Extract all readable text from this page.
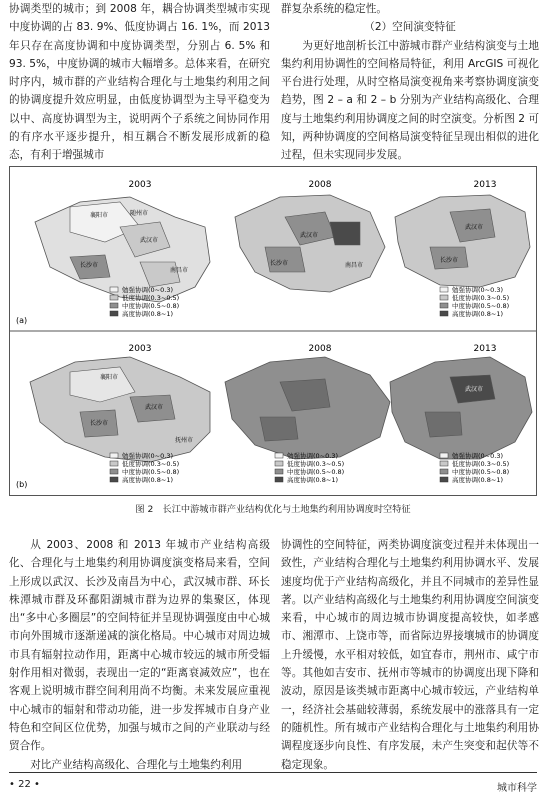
协调类型的城市；到 2008 年，耦合协调类型城市实现中度协调的占 83. 9%、低度协调占 16. 1%，而 2013 年只存在高度协调和中度协调类型，分别占 6. 5% 和 93. 5%，中度协调的城市大幅增多。总体来看，在研究时序内，城市群的产业结构合理化与土地集约利用之间的协调度提升效应明显，由低度协调型为主导平稳变为以中、高度协调型为主，说明两个子系统之间协同作用的有序水平逐步提升，相互耦合不断发展形成新的稳态，有利于增强城市

群复杂系统的稳定性。

（2）空间演变特征

为更好地剖析长江中游城市群产业结构演变与土地集约利用协调性的空间格局特征，利用 ArcGIS 可视化平台进行处理，从时空格局演变视角来考察协调度演变趋势，图 2 – a 和 2 – b 分别为产业结构高级化、合理度与土地集约利用协调度之间的时空演变。分析图 2 可知，两种协调度的空间格局演变特征呈现出相似的进化过程，但未实现同步发展。

2003	2008	2013
2003	2008	2013
(a)
(b)
襄阳市	随州市
武汉市
南昌市
长沙市
武汉市
南昌市
长沙市
武汉市
长沙市
勉强协调(0~0.3)
低度协调(0.3~0.5)
中度协调(0.5~0.8)
高度协调(0.8~1)
勉强协调(0~0.3)
低度协调(0.3~0.5)
中度协调(0.5~0.8)
高度协调(0.8~1)
襄阳市
武汉市
长沙市
抚州市
武汉市
勉强协调(0~0.3)
低度协调(0.3~0.5)
中度协调(0.5~0.8)
高度协调(0.8~1)
勉强协调(0~0.3)
低度协调(0.3~0.5)
中度协调(0.5~0.8)
高度协调(0.8~1)
勉强协调(0~0.3)
低度协调(0.3~0.5)
中度协调(0.5~0.8)
高度协调(0.8~1)
图 2　长江中游城市群产业结构优化与土地集约利用协调度时空特征

从 2003、2008 和 2013 年城市产业结构高级化、合理化与土地集约利用协调度演变格局来看，空间上形成以武汉、长沙及南昌为中心，武汉城市群、环长株潭城市群及环鄱阳湖城市群为边界的集聚区，体现出“多中心多圈层”的空间特征并呈现协调强度由中心城市向外围城市逐渐递减的演化格局。中心城市对周边城市具有辐射拉动作用，距离中心城市较远的城市所受辐射作用相对微弱，表现出一定的“距离衰减效应”，也在客观上说明城市群空间利用尚不均衡。未来发展应重视中心城市的辐射和带动功能，进一步发挥城市自身产业特色和空间区位优势，加强与城市之间的产业联动与经贸合作。

对比产业结构高级化、合理化与土地集约利用

协调性的空间特征，两类协调度演变过程并未体现出一致性，产业结构合理化与土地集约利用协调水平、发展速度均优于产业结构高级化，并且不同城市的差异性显著。以产业结构高级化与土地集约利用协调度空间演变来看，中心城市的周边城市协调度提高较快，如孝感市、湘潭市、上饶市等，而省际边界接壤城市的协调度上升缓慢，水平相对较低，如宜春市，荆州市、咸宁市等。其他如吉安市、抚州市等城市的协调度出现下降和波动，原因是该类城市距离中心城市较远，产业结构单一，经济社会基础较薄弱，系统发展中的涨落具有一定的随机性。所有城市产业结构合理化与土地集约利用协调程度逐步向良性、有序发展，未产生突变和起伏等不稳定现象。

• 22 •	城市科学
